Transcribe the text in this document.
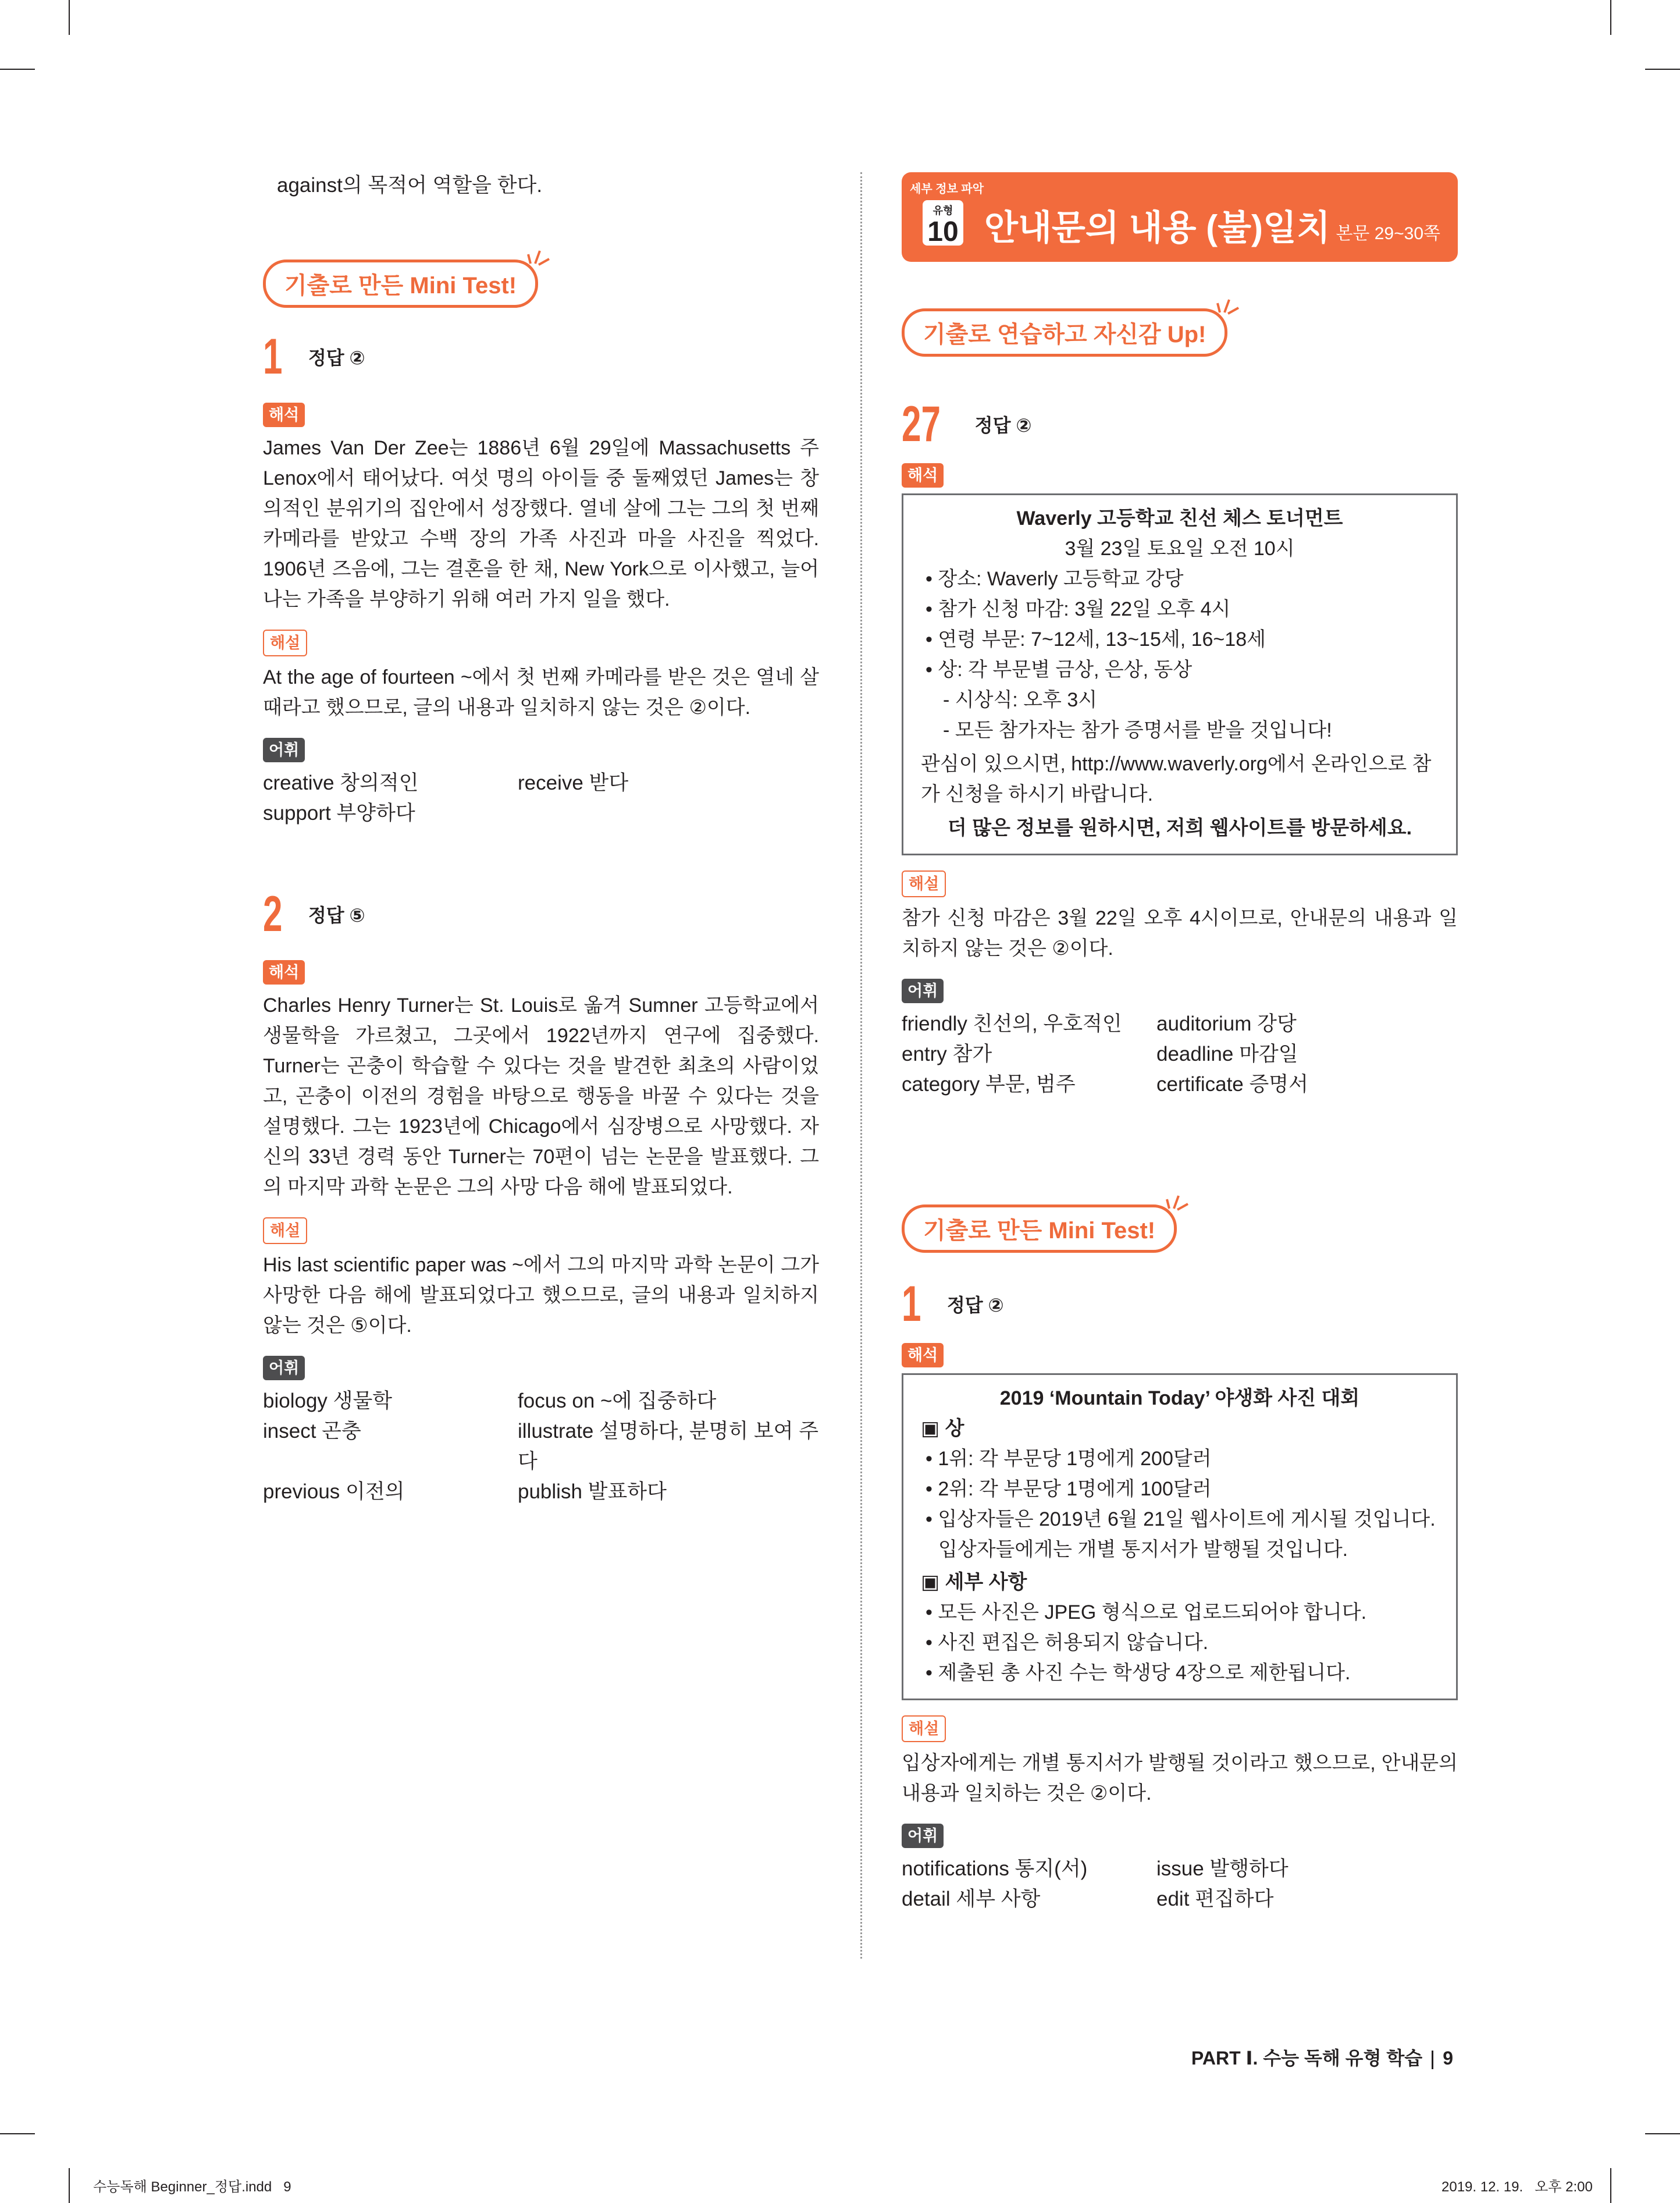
against의 목적어 역할을 한다.
기출로 만든 Mini Test!
1 정답 ②
해석

James Van Der Zee는 1886년 6월 29일에 Massachusetts 주 Lenox에서 태어났다. 여섯 명의 아이들 중 둘째였던 James는 창의적인 분위기의 집안에서 성장했다. 열네 살에 그는 그의 첫 번째 카메라를 받았고 수백 장의 가족 사진과 마을 사진을 찍었다. 1906년 즈음에, 그는 결혼을 한 채, New York으로 이사했고, 늘어나는 가족을 부양하기 위해 여러 가지 일을 했다.

해설

At the age of fourteen ~에서 첫 번째 카메라를 받은 것은 열네 살 때라고 했으므로, 글의 내용과 일치하지 않는 것은 ②이다.

어휘
creative 창의적인	receive 받다
support 부양하다
2 정답 ⑤
해석

Charles Henry Turner는 St. Louis로 옮겨 Sumner 고등학교에서 생물학을 가르쳤고, 그곳에서 1922년까지 연구에 집중했다. Turner는 곤충이 학습할 수 있다는 것을 발견한 최초의 사람이었고, 곤충이 이전의 경험을 바탕으로 행동을 바꿀 수 있다는 것을 설명했다. 그는 1923년에 Chicago에서 심장병으로 사망했다. 자신의 33년 경력 동안 Turner는 70편이 넘는 논문을 발표했다. 그의 마지막 과학 논문은 그의 사망 다음 해에 발표되었다.

해설

His last scientific paper was ~에서 그의 마지막 과학 논문이 그가 사망한 다음 해에 발표되었다고 했으므로, 글의 내용과 일치하지 않는 것은 ⑤이다.

어휘
biology 생물학	focus on ~에 집중하다
insect 곤충	illustrate 설명하다, 분명히 보여 주다
previous 이전의	publish 발표하다
세부 정보 파악
유형
10 안내문의 내용 (불)일치 본문 29~30쪽
기출로 연습하고 자신감 Up!
27 정답 ②
해석
Waverly 고등학교 친선 체스 토너먼트
3월 23일 토요일 오전 10시
• 장소: Waverly 고등학교 강당
• 참가 신청 마감: 3월 22일 오후 4시
• 연령 부문: 7~12세, 13~15세, 16~18세
• 상: 각 부문별 금상, 은상, 동상
- 시상식: 오후 3시
- 모든 참가자는 참가 증명서를 받을 것입니다!
관심이 있으시면, http://www.waverly.org에서 온라인으로 참가 신청을 하시기 바랍니다.
더 많은 정보를 원하시면, 저희 웹사이트를 방문하세요.
해설

참가 신청 마감은 3월 22일 오후 4시이므로, 안내문의 내용과 일치하지 않는 것은 ②이다.

어휘
friendly 친선의, 우호적인	auditorium 강당
entry 참가	deadline 마감일
category 부문, 범주	certificate 증명서
기출로 만든 Mini Test!
1 정답 ②
해석
2019 ‘Mountain Today’ 야생화 사진 대회
▣ 상
• 1위: 각 부문당 1명에게 200달러
• 2위: 각 부문당 1명에게 100달러
• 입상자들은 2019년 6월 21일 웹사이트에 게시될 것입니다. 입상자들에게는 개별 통지서가 발행될 것입니다.
▣ 세부 사항
• 모든 사진은 JPEG 형식으로 업로드되어야 합니다.
• 사진 편집은 허용되지 않습니다.
• 제출된 총 사진 수는 학생당 4장으로 제한됩니다.
해설

입상자에게는 개별 통지서가 발행될 것이라고 했으므로, 안내문의 내용과 일치하는 것은 ②이다.

어휘
notifications 통지(서)	issue 발행하다
detail 세부 사항	edit 편집하다
PART Ⅰ. 수능 독해 유형 학습 9
수능독해 Beginner_정답.indd   9	2019. 12. 19.   오후 2:00
